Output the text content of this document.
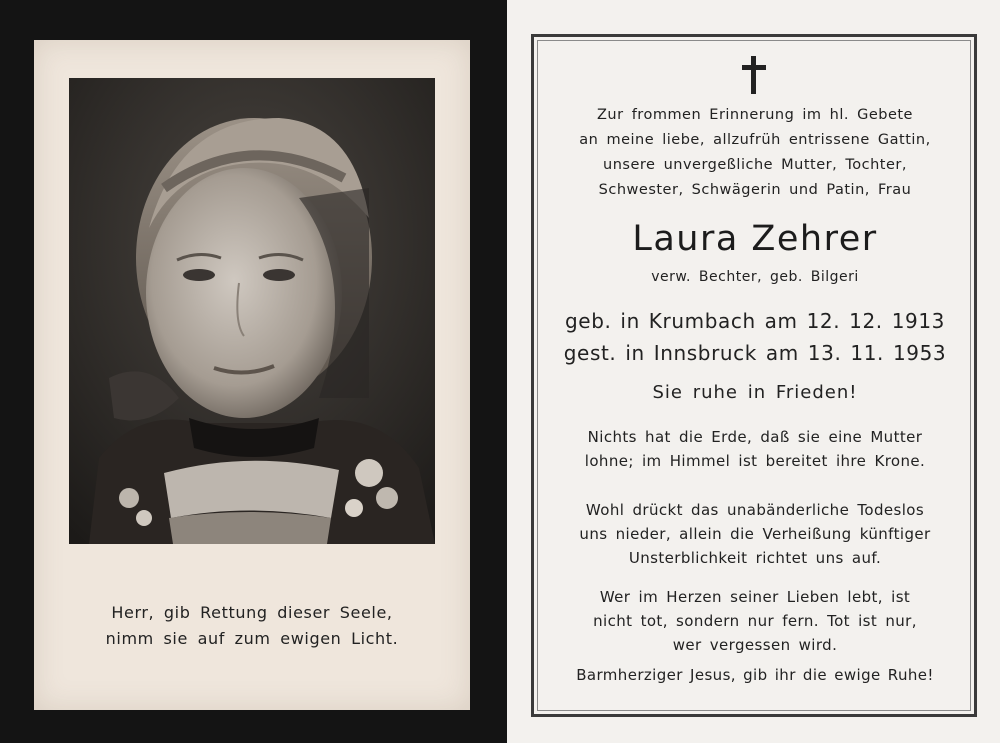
Herr, gib Rettung dieser Seele,
nimm sie auf zum ewigen Licht.
Zur frommen Erinnerung im hl. Gebete
an meine liebe, allzufrüh entrissene Gattin,
unsere unvergeßliche Mutter, Tochter,
Schwester, Schwägerin und Patin, Frau
Laura Zehrer
verw. Bechter, geb. Bilgeri
geb. in Krumbach am 12. 12. 1913
gest. in Innsbruck am 13. 11. 1953
Sie ruhe in Frieden!
Nichts hat die Erde, daß sie eine Mutter
lohne; im Himmel ist bereitet ihre Krone.
Wohl drückt das unabänderliche Todeslos
uns nieder, allein die Verheißung künftiger
Unsterblichkeit richtet uns auf.
Wer im Herzen seiner Lieben lebt, ist
nicht tot, sondern nur fern. Tot ist nur,
wer vergessen wird.
Barmherziger Jesus, gib ihr die ewige Ruhe!
